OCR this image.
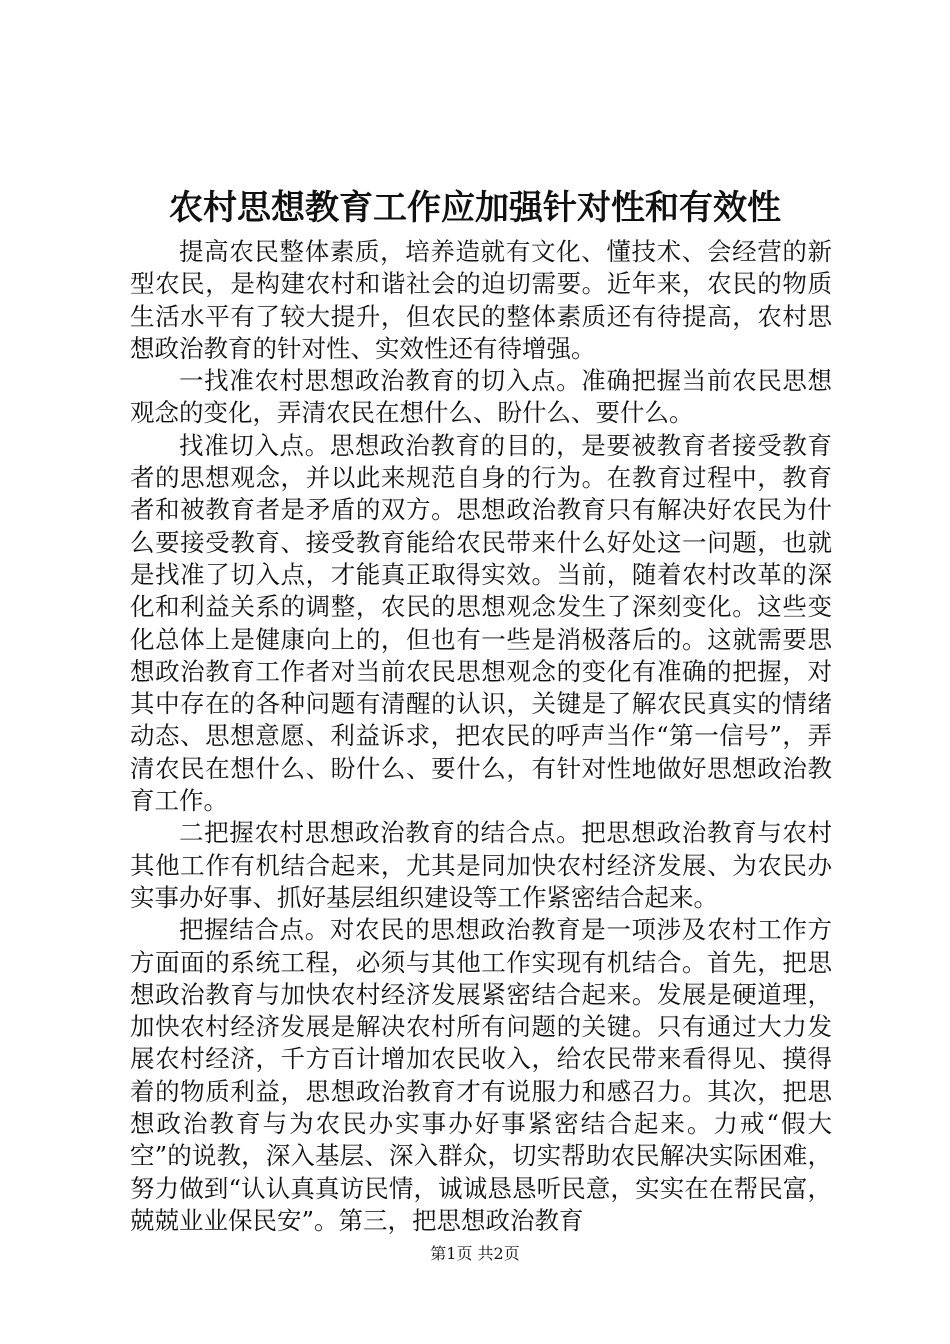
农村思想教育工作应加强针对性和有效性

提高农民整体素质，培养造就有文化、懂技术、会经营的新型农民，是构建农村和谐社会的迫切需要。近年来，农民的物质生活水平有了较大提升，但农民的整体素质还有待提高，农村思想政治教育的针对性、实效性还有待增强。

一找准农村思想政治教育的切入点。准确把握当前农民思想观念的变化，弄清农民在想什么、盼什么、要什么。

找准切入点。思想政治教育的目的，是要被教育者接受教育者的思想观念，并以此来规范自身的行为。在教育过程中，教育者和被教育者是矛盾的双方。思想政治教育只有解决好农民为什么要接受教育、接受教育能给农民带来什么好处这一问题，也就是找准了切入点，才能真正取得实效。当前，随着农村改革的深化和利益关系的调整，农民的思想观念发生了深刻变化。这些变化总体上是健康向上的，但也有一些是消极落后的。这就需要思想政治教育工作者对当前农民思想观念的变化有准确的把握，对其中存在的各种问题有清醒的认识，关键是了解农民真实的情绪动态、思想意愿、利益诉求，把农民的呼声当作“第一信号”，弄清农民在想什么、盼什么、要什么，有针对性地做好思想政治教育工作。

二把握农村思想政治教育的结合点。把思想政治教育与农村其他工作有机结合起来，尤其是同加快农村经济发展、为农民办实事办好事、抓好基层组织建设等工作紧密结合起来。

把握结合点。对农民的思想政治教育是一项涉及农村工作方方面面的系统工程，必须与其他工作实现有机结合。首先，把思想政治教育与加快农村经济发展紧密结合起来。发展是硬道理，加快农村经济发展是解决农村所有问题的关键。只有通过大力发展农村经济，千方百计增加农民收入，给农民带来看得见、摸得着的物质利益，思想政治教育才有说服力和感召力。其次，把思想政治教育与为农民办实事办好事紧密结合起来。力戒“假大空”的说教，深入基层、深入群众，切实帮助农民解决实际困难，努力做到“认认真真访民情，诚诚恳恳听民意，实实在在帮民富，兢兢业业保民安”。第三，把思想政治教育

第1页 共2页
